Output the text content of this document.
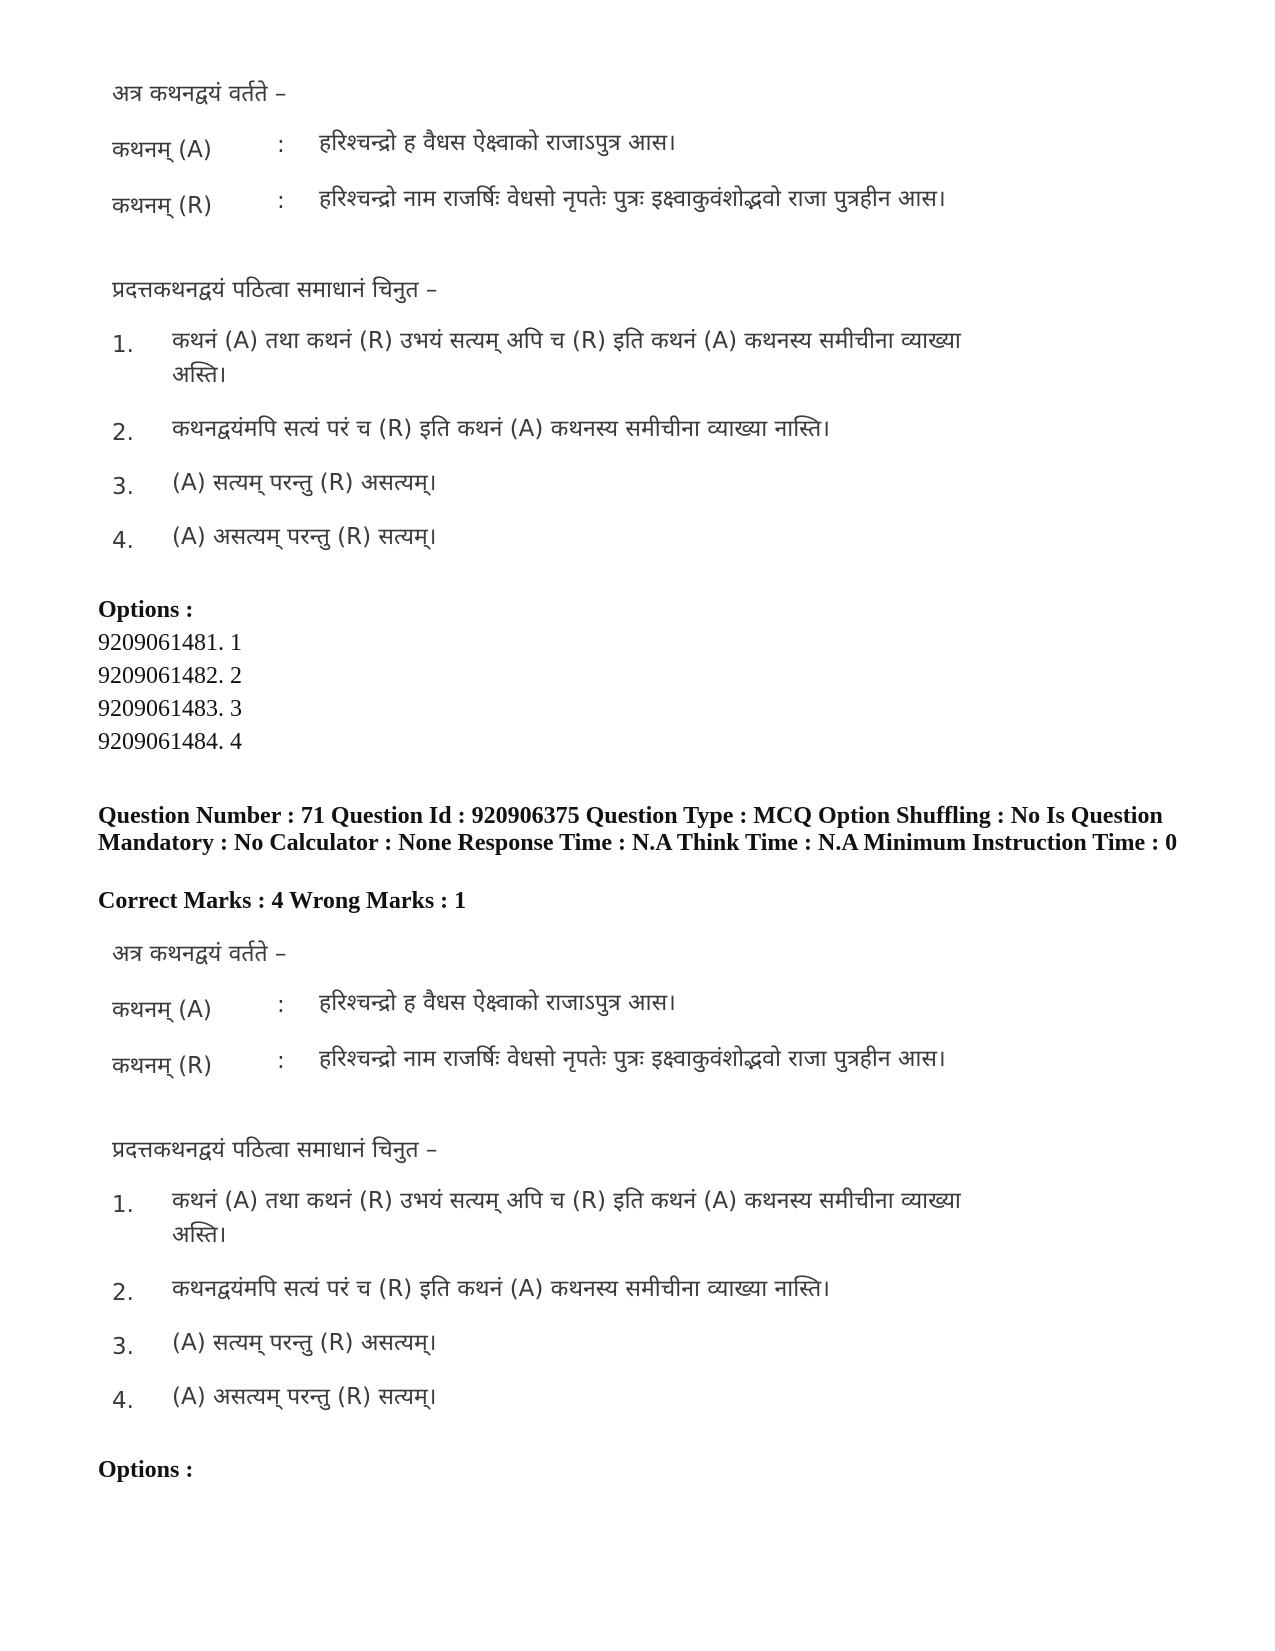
अत्र कथनद्वयं वर्तते –
कथनम् (A)	: हरिश्चन्द्रो ह वैधस ऐक्ष्वाको राजाऽपुत्र आस।
कथनम् (R)	: हरिश्चन्द्रो नाम राजर्षिः वेधसो नृपतेः पुत्रः इक्ष्वाकुवंशोद्भवो राजा पुत्रहीन आस।
प्रदत्तकथनद्वयं पठित्वा समाधानं चिनुत –
1. कथनं (A) तथा कथनं (R) उभयं सत्यम् अपि च (R) इति कथनं (A) कथनस्य समीचीना व्याख्या अस्ति।
2. कथनद्वयंमपि सत्यं परं च (R) इति कथनं (A) कथनस्य समीचीना व्याख्या नास्ति।
3. (A) सत्यम् परन्तु (R) असत्यम्।
4. (A) असत्यम् परन्तु (R) सत्यम्।
Options :
9209061481. 1
9209061482. 2
9209061483. 3
9209061484. 4
Question Number : 71 Question Id : 920906375 Question Type : MCQ Option Shuffling : No Is Question Mandatory : No Calculator : None Response Time : N.A Think Time : N.A Minimum Instruction Time : 0
Correct Marks : 4 Wrong Marks : 1
अत्र कथनद्वयं वर्तते –
कथनम् (A)	: हरिश्चन्द्रो ह वैधस ऐक्ष्वाको राजाऽपुत्र आस।
कथनम् (R)	: हरिश्चन्द्रो नाम राजर्षिः वेधसो नृपतेः पुत्रः इक्ष्वाकुवंशोद्भवो राजा पुत्रहीन आस।
प्रदत्तकथनद्वयं पठित्वा समाधानं चिनुत –
1. कथनं (A) तथा कथनं (R) उभयं सत्यम् अपि च (R) इति कथनं (A) कथनस्य समीचीना व्याख्या अस्ति।
2. कथनद्वयंमपि सत्यं परं च (R) इति कथनं (A) कथनस्य समीचीना व्याख्या नास्ति।
3. (A) सत्यम् परन्तु (R) असत्यम्।
4. (A) असत्यम् परन्तु (R) सत्यम्।
Options :
